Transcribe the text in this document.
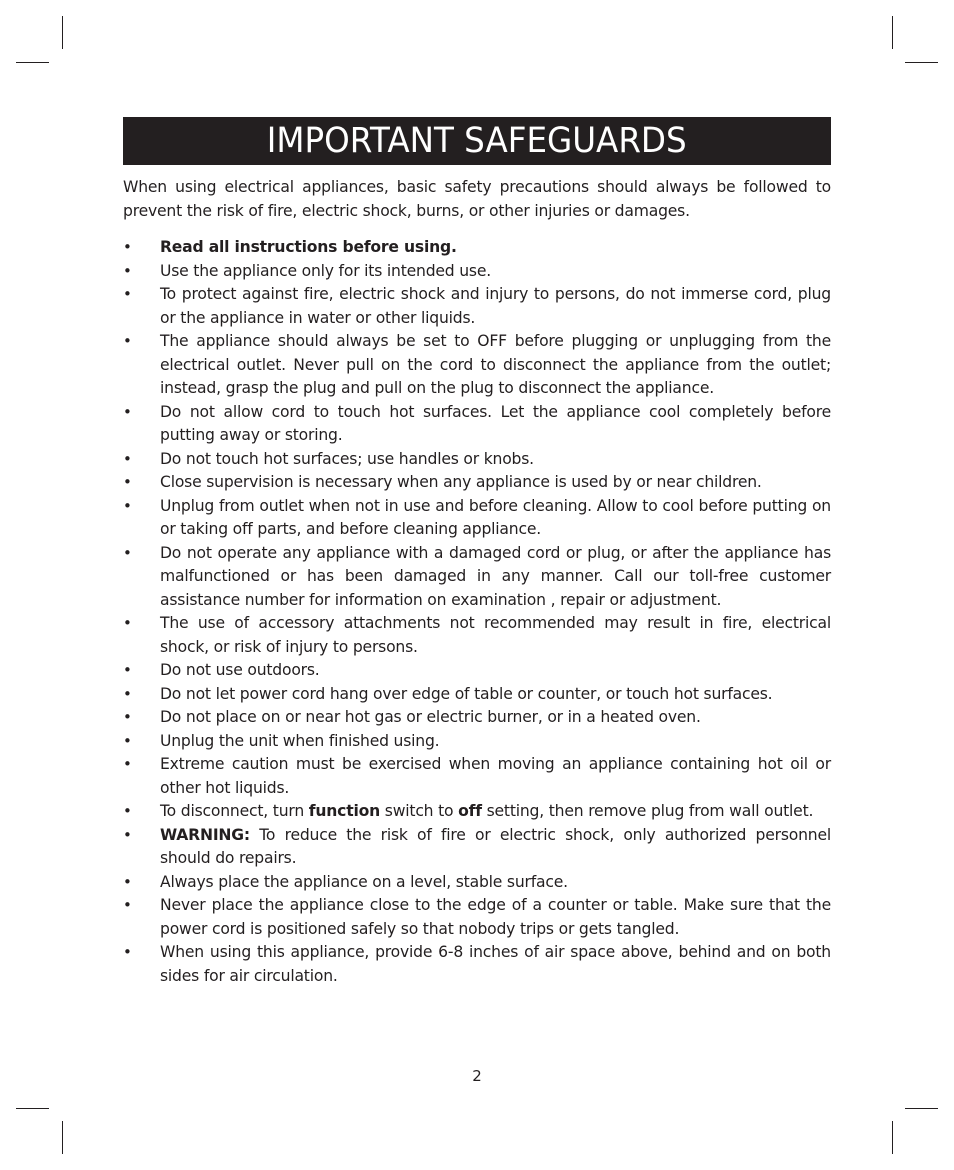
IMPORTANT SAFEGUARDS

When using electrical appliances, basic safety precautions should always be followed to prevent the risk of fire, electric shock, burns, or other injuries or damages.

• Read all instructions before using.
• Use the appliance only for its intended use.
• To protect against fire, electric shock and injury to persons, do not immerse cord, plug or the appliance in water or other liquids.
• The appliance should always be set to OFF before plugging or unplugging from the electrical outlet. Never pull on the cord to disconnect the appliance from the outlet; instead, grasp the plug and pull on the plug to disconnect the appliance.
• Do not allow cord to touch hot surfaces. Let the appliance cool completely before putting away or storing.
• Do not touch hot surfaces; use handles or knobs.
• Close supervision is necessary when any appliance is used by or near children.
• Unplug from outlet when not in use and before cleaning. Allow to cool before putting on or taking off parts, and before cleaning appliance.
• Do not operate any appliance with a damaged cord or plug, or after the appliance has malfunctioned or has been damaged in any manner. Call our toll-free customer assistance number for information on examination , repair or adjustment.
• The use of accessory attachments not recommended may result in fire, electrical shock, or risk of injury to persons.
• Do not use outdoors.
• Do not let power cord hang over edge of table or counter, or touch hot surfaces.
• Do not place on or near hot gas or electric burner, or in a heated oven.
• Unplug the unit when finished using.
• Extreme caution must be exercised when moving an appliance containing hot oil or other hot liquids.
• To disconnect, turn function switch to off setting, then remove plug from wall outlet.
• WARNING: To reduce the risk of fire or electric shock, only authorized personnel should do repairs.
• Always place the appliance on a level, stable surface.
• Never place the appliance close to the edge of a counter or table. Make sure that the power cord is positioned safely so that nobody trips or gets tangled.
• When using this appliance, provide 6-8 inches of air space above, behind and on both sides for air circulation.
2
